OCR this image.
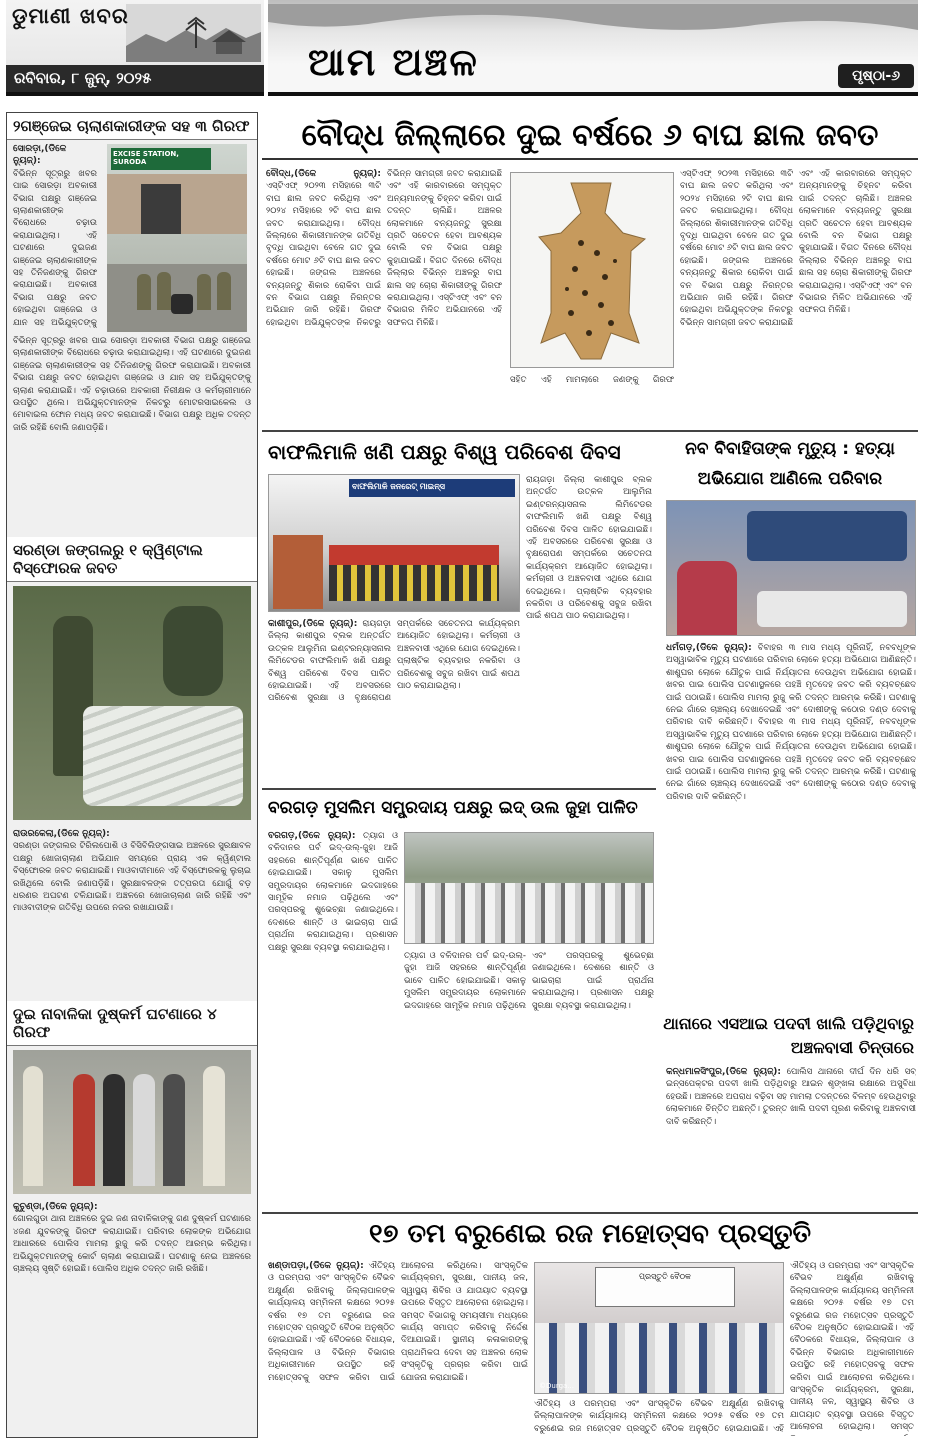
ଡୁମାଣୀ ଖବର
ରବିବାର, ୮ ଜୁନ୍, ୨୦୨୫	ଆମ ଅଞ୍ଚଳ	ପୃଷ୍ଠା-୬
୨ଗଞ୍ଜେଇ ଚାଲାଣକାରୀଙ୍କ ସହ ୩ ଗିରଫ
ସୋରଡ଼ା,(ଡିକେ ନ୍ୟୁଜ୍):
ବିଭିନ୍ନ ସୂତ୍ରରୁ ଖବର ପାଇ ସୋରଡ଼ା ଅବକାରୀ ବିଭାଗ ପକ୍ଷରୁ ଗଞ୍ଜେଇ ଚାଲାଣକାରୀଙ୍କ ବିରୋଧରେ ଚଢ଼ାଉ କରାଯାଇଥିଲା। ଏହି ଘଟଣାରେ ଦୁଇଜଣ ଗଞ୍ଜେଇ ଚାଲାଣକାରୀଙ୍କ ସହ ତିନିଜଣଙ୍କୁ ଗିରଫ କରାଯାଇଛି। ଅବକାରୀ ବିଭାଗ ପକ୍ଷରୁ ଜବତ ହୋଇଥିବା ଗଞ୍ଜେଇ ଓ ଯାନ ସହ ଅଭିଯୁକ୍ତଙ୍କୁ
EXCISE STATION, SURODA
ବିଭିନ୍ନ ସୂତ୍ରରୁ ଖବର ପାଇ ସୋରଡ଼ା ଅବକାରୀ ବିଭାଗ ପକ୍ଷରୁ ଗଞ୍ଜେଇ ଚାଲାଣକାରୀଙ୍କ ବିରୋଧରେ ଚଢ଼ାଉ କରାଯାଇଥିଲା। ଏହି ଘଟଣାରେ ଦୁଇଜଣ ଗଞ୍ଜେଇ ଚାଲାଣକାରୀଙ୍କ ସହ ତିନିଜଣଙ୍କୁ ଗିରଫ କରାଯାଇଛି। ଅବକାରୀ ବିଭାଗ ପକ୍ଷରୁ ଜବତ ହୋଇଥିବା ଗଞ୍ଜେଇ ଓ ଯାନ ସହ ଅଭିଯୁକ୍ତଙ୍କୁ ଚାଲାଣ କରାଯାଇଛି। ଏହି ଚଢ଼ାଉରେ ଅବକାରୀ ନିରୀକ୍ଷକ ଓ କର୍ମଚାରୀମାନେ ଉପସ୍ଥିତ ଥିଲେ। ଅଭିଯୁକ୍ତମାନଙ୍କ ନିକଟରୁ ମୋଟରସାଇକେଲ ଓ ମୋବାଇଲ ଫୋନ ମଧ୍ୟ ଜବତ କରାଯାଇଛି। ବିଭାଗ ପକ୍ଷରୁ ଅଧିକ ତଦନ୍ତ ଜାରି ରହିଛି ବୋଲି ଜଣାପଡ଼ିଛି।
ସରଣ୍ଡା ଜଙ୍ଗଲରୁ ୧ କ୍ୱିଣ୍ଟାଲ ବିସ୍ଫୋରକ ଜବତ
ରାଉରକେଲା,(ଡିକେ ନ୍ୟୁଜ୍):
ସରଣ୍ଡା ଜଙ୍ଗଲର ଟିରିଲପୋଶି ଓ ବିସିବିଲିଙ୍ଗସାଇ ଅଞ୍ଚଳରେ ସୁରକ୍ଷାବଳ ପକ୍ଷରୁ ଖୋଜାଚାଲାଣ ଅଭିଯାନ ସମୟରେ ପ୍ରାୟ ଏକ କ୍ୱିଣ୍ଟାଲ ବିସ୍ଫୋରକ ଜବତ କରାଯାଇଛି। ମାଓବାଦୀମାନେ ଏହି ବିସ୍ଫୋରକକୁ ଲୁଚାଇ ରଖିଥିଲେ ବୋଲି ଜଣାପଡ଼ିଛି। ସୁରକ୍ଷାବଳଙ୍କ ତତ୍ପରତା ଯୋଗୁଁ ବଡ଼ ଧରଣର ଅଘଟଣ ଟଳିଯାଇଛି। ଅଞ୍ଚଳରେ ଖୋଜାଚାଲାଣ ଜାରି ରହିଛି ଏବଂ ମାଓବାଦୀଙ୍କ ଗତିବିଧି ଉପରେ ନଜର ରଖାଯାଉଛି।
ଦୁଇ ନାବାଳିକା ଦୁଷ୍କର୍ମ ଘଟଣାରେ ୪ ଗିରଫ
କୁଚୁଣ୍ଡା,(ଡିକେ ନ୍ୟୁଜ୍):
ଗୋଲଗୁଡା ଥାନା ଅଞ୍ଚଳରେ ଦୁଇ ଜଣ ନାବାଳିକାଙ୍କୁ ଗଣ ଦୁଷ୍କର୍ମ ଘଟଣାରେ ୪ଜଣ ଯୁବକଙ୍କୁ ଗିରଫ କରାଯାଇଛି। ପରିବାର ଲୋକଙ୍କ ଅଭିଯୋଗ ଆଧାରରେ ପୋଲିସ ମାମଲା ରୁଜୁ କରି ତଦନ୍ତ ଆରମ୍ଭ କରିଥିଲା। ଅଭିଯୁକ୍ତମାନଙ୍କୁ କୋର୍ଟ ଚାଲାଣ କରାଯାଇଛି। ଘଟଣାକୁ ନେଇ ଅଞ୍ଚଳରେ ଚାଞ୍ଚଲ୍ୟ ସୃଷ୍ଟି ହୋଇଛି। ପୋଲିସ ଅଧିକ ତଦନ୍ତ ଜାରି ରଖିଛି।
ବୌଦ୍ଧ ଜିଲ୍ଲାରେ ଦୁଇ ବର୍ଷରେ ୬ ବାଘ ଛାଲ ଜବତ
ବୌଦ୍ଧ,(ଡିକେ ନ୍ୟୁଜ୍): ଏସ୍‌ଟିଏଫ୍ ୨୦୨୩ ମସିହାରେ ୩ଟି ବାଘ ଛାଲ ଜବତ କରିଥିଲା ଏବଂ ୨୦୨୪ ମସିହାରେ ୨ଟି ବାଘ ଛାଲ ଜବତ କରାଯାଇଥିଲା। ବୌଦ୍ଧ ଜିଲ୍ଲାରେ ଶିକାରୀମାନଙ୍କ ଗତିବିଧି ବୃଦ୍ଧି ପାଇଥିବା ବେଳେ ଗତ ଦୁଇ ବର୍ଷରେ ମୋଟ ୬ଟି ବାଘ ଛାଲ ଜବତ ହୋଇଛି। ଜଙ୍ଗଲ ଅଞ୍ଚଳରେ ବନ୍ୟଜନ୍ତୁ ଶିକାର ରୋକିବା ପାଇଁ ବନ ବିଭାଗ ପକ୍ଷରୁ ନିରନ୍ତର ଅଭିଯାନ ଜାରି ରହିଛି। ଗିରଫ ହୋଇଥିବା ଅଭିଯୁକ୍ତଙ୍କ ନିକଟରୁ ବିଭିନ୍ନ ସାମଗ୍ରୀ ଜବତ କରାଯାଇଛି ଏବଂ ଏହି କାରବାରରେ ସମ୍ପୃକ୍ତ ଅନ୍ୟମାନଙ୍କୁ ଚିହ୍ନଟ କରିବା ପାଇଁ ତଦନ୍ତ ଚାଲିଛି। ଅଞ୍ଚଳର ଲୋକମାନେ ବନ୍ୟଜନ୍ତୁ ସୁରକ୍ଷା ପ୍ରତି ସଚେତନ ହେବା ଆବଶ୍ୟକ ବୋଲି ବନ ବିଭାଗ ପକ୍ଷରୁ କୁହାଯାଇଛି। ବିଗତ ଦିନରେ ବୌଦ୍ଧ ଜିଲ୍ଲାର ବିଭିନ୍ନ ଅଞ୍ଚଳରୁ ବାଘ ଛାଲ ସହ ଚୋରା ଶିକାରୀଙ୍କୁ ଗିରଫ କରାଯାଇଥିଲା। ଏସ୍‌ଟିଏଫ୍ ଏବଂ ବନ ବିଭାଗର ମିଳିତ ଅଭିଯାନରେ ଏହି ସଫଳତା ମିଳିଛି।
ସହିତ ଏହି ମାମଲାରେ ଜଣଙ୍କୁ ଗିରଫ
ଏସ୍‌ଟିଏଫ୍ ୨୦୨୩ ମସିହାରେ ୩ଟି ବାଘ ଛାଲ ଜବତ କରିଥିଲା ଏବଂ ୨୦୨୪ ମସିହାରେ ୨ଟି ବାଘ ଛାଲ ଜବତ କରାଯାଇଥିଲା। ବୌଦ୍ଧ ଜିଲ୍ଲାରେ ଶିକାରୀମାନଙ୍କ ଗତିବିଧି ବୃଦ୍ଧି ପାଇଥିବା ବେଳେ ଗତ ଦୁଇ ବର୍ଷରେ ମୋଟ ୬ଟି ବାଘ ଛାଲ ଜବତ ହୋଇଛି। ଜଙ୍ଗଲ ଅଞ୍ଚଳରେ ବନ୍ୟଜନ୍ତୁ ଶିକାର ରୋକିବା ପାଇଁ ବନ ବିଭାଗ ପକ୍ଷରୁ ନିରନ୍ତର ଅଭିଯାନ ଜାରି ରହିଛି। ଗିରଫ ହୋଇଥିବା ଅଭିଯୁକ୍ତଙ୍କ ନିକଟରୁ ବିଭିନ୍ନ ସାମଗ୍ରୀ ଜବତ କରାଯାଇଛି ଏବଂ ଏହି କାରବାରରେ ସମ୍ପୃକ୍ତ ଅନ୍ୟମାନଙ୍କୁ ଚିହ୍ନଟ କରିବା ପାଇଁ ତଦନ୍ତ ଚାଲିଛି। ଅଞ୍ଚଳର ଲୋକମାନେ ବନ୍ୟଜନ୍ତୁ ସୁରକ୍ଷା ପ୍ରତି ସଚେତନ ହେବା ଆବଶ୍ୟକ ବୋଲି ବନ ବିଭାଗ ପକ୍ଷରୁ କୁହାଯାଇଛି। ବିଗତ ଦିନରେ ବୌଦ୍ଧ ଜିଲ୍ଲାର ବିଭିନ୍ନ ଅଞ୍ଚଳରୁ ବାଘ ଛାଲ ସହ ଚୋରା ଶିକାରୀଙ୍କୁ ଗିରଫ କରାଯାଇଥିଲା। ଏସ୍‌ଟିଏଫ୍ ଏବଂ ବନ ବିଭାଗର ମିଳିତ ଅଭିଯାନରେ ଏହି ସଫଳତା ମିଳିଛି।
ବାଫଲିମାଳି ଖଣି ପକ୍ଷରୁ ବିଶ୍ୱ ପରିବେଶ ଦିବସ
ବାଫଲିମାଳି ଜନରେଟ୍ ମାଇନ୍ସ
କାଶୀପୁର,(ଡିକେ ନ୍ୟୁଜ୍): ରାୟଗଡ଼ା ଜିଲ୍ଲା କାଶୀପୁର ବ୍ଲକ ଅନ୍ତର୍ଗତ ଉତ୍କଳ ଆଲୁମିନା ଇଣ୍ଟରନ୍ୟାସନାଲ ଲିମିଟେଡର ବାଫଲିମାଳି ଖଣି ପକ୍ଷରୁ ବିଶ୍ୱ ପରିବେଶ ଦିବସ ପାଳିତ ହୋଇଯାଇଛି। ଏହି ଅବସରରେ ପରିବେଶ ସୁରକ୍ଷା ଓ ବୃକ୍ଷରୋପଣ ସମ୍ପର୍କରେ ସଚେତନତା କାର୍ଯ୍ୟକ୍ରମ ଆୟୋଜିତ ହୋଇଥିଲା। କର୍ମଚାରୀ ଓ ଅଞ୍ଚଳବାସୀ ଏଥିରେ ଯୋଗ ଦେଇଥିଲେ। ପ୍ଲାଷ୍ଟିକ ବ୍ୟବହାର ନକରିବା ଓ ପରିବେଶକୁ ସବୁଜ ରଖିବା ପାଇଁ ଶପଥ ପାଠ କରାଯାଇଥିଲା।
ରାୟଗଡ଼ା ଜିଲ୍ଲା କାଶୀପୁର ବ୍ଲକ ଅନ୍ତର୍ଗତ ଉତ୍କଳ ଆଲୁମିନା ଇଣ୍ଟରନ୍ୟାସନାଲ ଲିମିଟେଡର ବାଫଲିମାଳି ଖଣି ପକ୍ଷରୁ ବିଶ୍ୱ ପରିବେଶ ଦିବସ ପାଳିତ ହୋଇଯାଇଛି। ଏହି ଅବସରରେ ପରିବେଶ ସୁରକ୍ଷା ଓ ବୃକ୍ଷରୋପଣ ସମ୍ପର୍କରେ ସଚେତନତା କାର୍ଯ୍ୟକ୍ରମ ଆୟୋଜିତ ହୋଇଥିଲା। କର୍ମଚାରୀ ଓ ଅଞ୍ଚଳବାସୀ ଏଥିରେ ଯୋଗ ଦେଇଥିଲେ। ପ୍ଲାଷ୍ଟିକ ବ୍ୟବହାର ନକରିବା ଓ ପରିବେଶକୁ ସବୁଜ ରଖିବା ପାଇଁ ଶପଥ ପାଠ କରାଯାଇଥିଲା।
ନବ ବିବାହିତାଙ୍କ ମୃତ୍ୟୁ : ହତ୍ୟା ଅଭିଯୋଗ ଆଣିଲେ ପରିବାର
ଧର୍ମଗଡ଼,(ଡିକେ ନ୍ୟୁଜ୍): ବିବାହର ୩ ମାସ ମଧ୍ୟ ପୂରିନାହିଁ, ନବବଧୂଙ୍କ ଅସ୍ୱାଭାବିକ ମୃତ୍ୟୁ ଘଟଣାରେ ପରିବାର ଲୋକେ ହତ୍ୟା ଅଭିଯୋଗ ଆଣିଛନ୍ତି। ଶାଶୁଘର ଲୋକେ ଯୌତୁକ ପାଇଁ ନିର୍ଯ୍ୟାତନା ଦେଉଥିବା ଅଭିଯୋଗ ହୋଇଛି। ଖବର ପାଇ ପୋଲିସ ଘଟଣାସ୍ଥଳରେ ପହଞ୍ଚି ମୃତଦେହ ଜବତ କରି ବ୍ୟବଚ୍ଛେଦ ପାଇଁ ପଠାଇଛି। ପୋଲିସ ମାମଲା ରୁଜୁ କରି ତଦନ୍ତ ଆରମ୍ଭ କରିଛି। ଘଟଣାକୁ ନେଇ ଗାଁରେ ଚାଞ୍ଚଲ୍ୟ ଦେଖାଦେଇଛି ଏବଂ ଦୋଷୀଙ୍କୁ କଠୋର ଦଣ୍ଡ ଦେବାକୁ ପରିବାର ଦାବି କରିଛନ୍ତି। ବିବାହର ୩ ମାସ ମଧ୍ୟ ପୂରିନାହିଁ, ନବବଧୂଙ୍କ ଅସ୍ୱାଭାବିକ ମୃତ୍ୟୁ ଘଟଣାରେ ପରିବାର ଲୋକେ ହତ୍ୟା ଅଭିଯୋଗ ଆଣିଛନ୍ତି। ଶାଶୁଘର ଲୋକେ ଯୌତୁକ ପାଇଁ ନିର୍ଯ୍ୟାତନା ଦେଉଥିବା ଅଭିଯୋଗ ହୋଇଛି। ଖବର ପାଇ ପୋଲିସ ଘଟଣାସ୍ଥଳରେ ପହଞ୍ଚି ମୃତଦେହ ଜବତ କରି ବ୍ୟବଚ୍ଛେଦ ପାଇଁ ପଠାଇଛି। ପୋଲିସ ମାମଲା ରୁଜୁ କରି ତଦନ୍ତ ଆରମ୍ଭ କରିଛି। ଘଟଣାକୁ ନେଇ ଗାଁରେ ଚାଞ୍ଚଲ୍ୟ ଦେଖାଦେଇଛି ଏବଂ ଦୋଷୀଙ୍କୁ କଠୋର ଦଣ୍ଡ ଦେବାକୁ ପରିବାର ଦାବି କରିଛନ୍ତି।
ବରଗଡ଼ ମୁସଲିମ ସମ୍ପ୍ରଦାୟ ପକ୍ଷରୁ ଇଦ୍ ଉଲ ଜୁହା ପାଳିତ
ବରଗଡ଼,(ଡିକେ ନ୍ୟୁଜ୍): ତ୍ୟାଗ ଓ ବଳିଦାନର ପର୍ବ ଇଦ୍-ଉଲ୍-ଜୁହା ଆଜି ସହରରେ ଶାନ୍ତିପୂର୍ଣ୍ଣ ଭାବେ ପାଳିତ ହୋଇଯାଇଛି। ସକାଳୁ ମୁସଲିମ ସମ୍ପ୍ରଦାୟର ଲୋକମାନେ ଇଦଗାହରେ ସାମୂହିକ ନମାଜ ପଢ଼ିଥିଲେ ଏବଂ ପରସ୍ପରକୁ ଶୁଭେଚ୍ଛା ଜଣାଇଥିଲେ। ଦେଶରେ ଶାନ୍ତି ଓ ଭାଇଚାରା ପାଇଁ ପ୍ରାର୍ଥନା କରାଯାଇଥିଲା। ପ୍ରଶାସନ ପକ୍ଷରୁ ସୁରକ୍ଷା ବ୍ୟବସ୍ଥା କରାଯାଇଥିଲା।
ତ୍ୟାଗ ଓ ବଳିଦାନର ପର୍ବ ଇଦ୍-ଉଲ୍-ଜୁହା ଆଜି ସହରରେ ଶାନ୍ତିପୂର୍ଣ୍ଣ ଭାବେ ପାଳିତ ହୋଇଯାଇଛି। ସକାଳୁ ମୁସଲିମ ସମ୍ପ୍ରଦାୟର ଲୋକମାନେ ଇଦଗାହରେ ସାମୂହିକ ନମାଜ ପଢ଼ିଥିଲେ ଏବଂ ପରସ୍ପରକୁ ଶୁଭେଚ୍ଛା ଜଣାଇଥିଲେ। ଦେଶରେ ଶାନ୍ତି ଓ ଭାଇଚାରା ପାଇଁ ପ୍ରାର୍ଥନା କରାଯାଇଥିଲା। ପ୍ରଶାସନ ପକ୍ଷରୁ ସୁରକ୍ଷା ବ୍ୟବସ୍ଥା କରାଯାଇଥିଲା।
ଥାନାରେ ଏସଆଇ ପଦବୀ ଖାଲି ପଡ଼ିଥିବାରୁ ଅଞ୍ଚଳବାସୀ ଚିନ୍ତାରେ
କନ୍ଧମାଳସିଂପୁର,(ଡିକେ ନ୍ୟୁଜ୍): ପୋଲିସ ଥାନାରେ ଦୀର୍ଘ ଦିନ ଧରି ସବ୍ ଇନ୍ସପେକ୍ଟର ପଦବୀ ଖାଲି ପଡ଼ିଥିବାରୁ ଆଇନ ଶୃଙ୍ଖଳା ରକ୍ଷାରେ ଅସୁବିଧା ହେଉଛି। ଅଞ୍ଚଳରେ ଅପରାଧ ବଢ଼ିବା ସହ ମାମଲା ତଦନ୍ତରେ ବିଳମ୍ବ ହେଉଥିବାରୁ ଲୋକମାନେ ଚିନ୍ତିତ ଅଛନ୍ତି। ତୁରନ୍ତ ଖାଲି ପଦବୀ ପୂରଣ କରିବାକୁ ଅଞ୍ଚଳବାସୀ ଦାବି କରିଛନ୍ତି।
୧୭ ତମ ବରୁଣେଇ ରଜ ମହୋତ୍ସବ ପ୍ରସ୍ତୁତି
ଖଣ୍ଡାପଡ଼ା,(ଡିକେ ନ୍ୟୁଜ୍): ଐତିହ୍ୟ ଓ ପରମ୍ପରା ଏବଂ ସାଂସ୍କୃତିକ ବୈଭବ ଅକ୍ଷୁର୍ଣ୍ଣ ରଖିବାକୁ ଜିଲ୍ଲାପାଳଙ୍କ କାର୍ଯ୍ୟାଳୟ ସମ୍ମିଳନୀ କକ୍ଷରେ ୨୦୨୫ ବର୍ଷର ୧୭ ତମ ବରୁଣେଇ ରଜ ମହୋତ୍ସବ ପ୍ରସ୍ତୁତି ବୈଠକ ଅନୁଷ୍ଠିତ ହୋଇଯାଇଛି। ଏହି ବୈଠକରେ ବିଧାୟକ, ଜିଲ୍ଲାପାଳ ଓ ବିଭିନ୍ନ ବିଭାଗର ଅଧିକାରୀମାନେ ଉପସ୍ଥିତ ରହି ମହୋତ୍ସବକୁ ସଫଳ କରିବା ପାଇଁ ଆଲୋଚନା କରିଥିଲେ। ସାଂସ୍କୃତିକ କାର୍ଯ୍ୟକ୍ରମ, ସୁରକ୍ଷା, ପାନୀୟ ଜଳ, ସ୍ୱାସ୍ଥ୍ୟ ଶିବିର ଓ ଯାତାୟାତ ବ୍ୟବସ୍ଥା ଉପରେ ବିସ୍ତୃତ ଆଲୋଚନା ହୋଇଥିଲା। ସମସ୍ତ ବିଭାଗକୁ ସମୟସୀମା ମଧ୍ୟରେ କାର୍ଯ୍ୟ ସମାପ୍ତ କରିବାକୁ ନିର୍ଦ୍ଦେଶ ଦିଆଯାଇଛି। ସ୍ଥାନୀୟ କଳାକାରଙ୍କୁ ପ୍ରାଥମିକତା ଦେବା ସହ ଅଞ୍ଚଳର ଲୋକ ସଂସ୍କୃତିକୁ ପ୍ରଚାର କରିବା ପାଇଁ ଯୋଜନା କରାଯାଇଛି।
ପ୍ରସ୍ତୁତି ବୈଠକ
©Durga...
ଐତିହ୍ୟ ଓ ପରମ୍ପରା ଏବଂ ସାଂସ୍କୃତିକ ବୈଭବ ଅକ୍ଷୁର୍ଣ୍ଣ ରଖିବାକୁ ଜିଲ୍ଲାପାଳଙ୍କ କାର୍ଯ୍ୟାଳୟ ସମ୍ମିଳନୀ କକ୍ଷରେ ୨୦୨୫ ବର୍ଷର ୧୭ ତମ ବରୁଣେଇ ରଜ ମହୋତ୍ସବ ପ୍ରସ୍ତୁତି ବୈଠକ ଅନୁଷ୍ଠିତ ହୋଇଯାଇଛି। ଏହି
ଐତିହ୍ୟ ଓ ପରମ୍ପରା ଏବଂ ସାଂସ୍କୃତିକ ବୈଭବ ଅକ୍ଷୁର୍ଣ୍ଣ ରଖିବାକୁ ଜିଲ୍ଲାପାଳଙ୍କ କାର୍ଯ୍ୟାଳୟ ସମ୍ମିଳନୀ କକ୍ଷରେ ୨୦୨୫ ବର୍ଷର ୧୭ ତମ ବରୁଣେଇ ରଜ ମହୋତ୍ସବ ପ୍ରସ୍ତୁତି ବୈଠକ ଅନୁଷ୍ଠିତ ହୋଇଯାଇଛି। ଏହି ବୈଠକରେ ବିଧାୟକ, ଜିଲ୍ଲାପାଳ ଓ ବିଭିନ୍ନ ବିଭାଗର ଅଧିକାରୀମାନେ ଉପସ୍ଥିତ ରହି ମହୋତ୍ସବକୁ ସଫଳ କରିବା ପାଇଁ ଆଲୋଚନା କରିଥିଲେ। ସାଂସ୍କୃତିକ କାର୍ଯ୍ୟକ୍ରମ, ସୁରକ୍ଷା, ପାନୀୟ ଜଳ, ସ୍ୱାସ୍ଥ୍ୟ ଶିବିର ଓ ଯାତାୟାତ ବ୍ୟବସ୍ଥା ଉପରେ ବିସ୍ତୃତ ଆଲୋଚନା ହୋଇଥିଲା। ସମସ୍ତ
